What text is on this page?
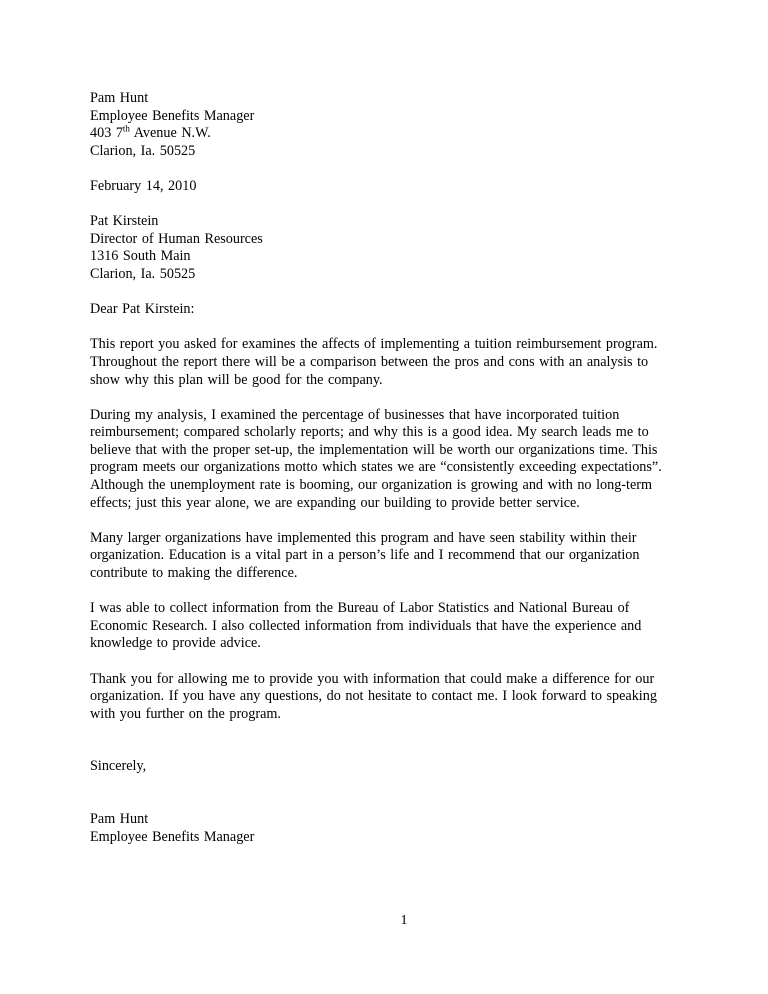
Pam Hunt

Employee Benefits Manager

403 7th Avenue N.W.

Clarion, Ia. 50525

February 14, 2010

Pat Kirstein

Director of Human Resources

1316 South Main

Clarion, Ia. 50525

Dear Pat Kirstein:

This report you asked for examines the affects of implementing a tuition reimbursement program. Throughout the report there will be a comparison between the pros and cons with an analysis to show why this plan will be good for the company.

During my analysis, I examined the percentage of businesses that have incorporated tuition reimbursement; compared scholarly reports; and why this is a good idea. My search leads me to believe that with the proper set-up, the implementation will be worth our organizations time. This program meets our organizations motto which states we are “consistently exceeding expectations”. Although the unemployment rate is booming, our organization is growing and with no long-term effects; just this year alone, we are expanding our building to provide better service.

Many larger organizations have implemented this program and have seen stability within their organization. Education is a vital part in a person’s life and I recommend that our organization contribute to making the difference.

I was able to collect information from the Bureau of Labor Statistics and National Bureau of Economic Research. I also collected information from individuals that have the experience and knowledge to provide advice.

Thank you for allowing me to provide you with information that could make a difference for our organization. If you have any questions, do not hesitate to contact me. I look forward to speaking with you further on the program.

Sincerely,

Pam Hunt

Employee Benefits Manager

1
